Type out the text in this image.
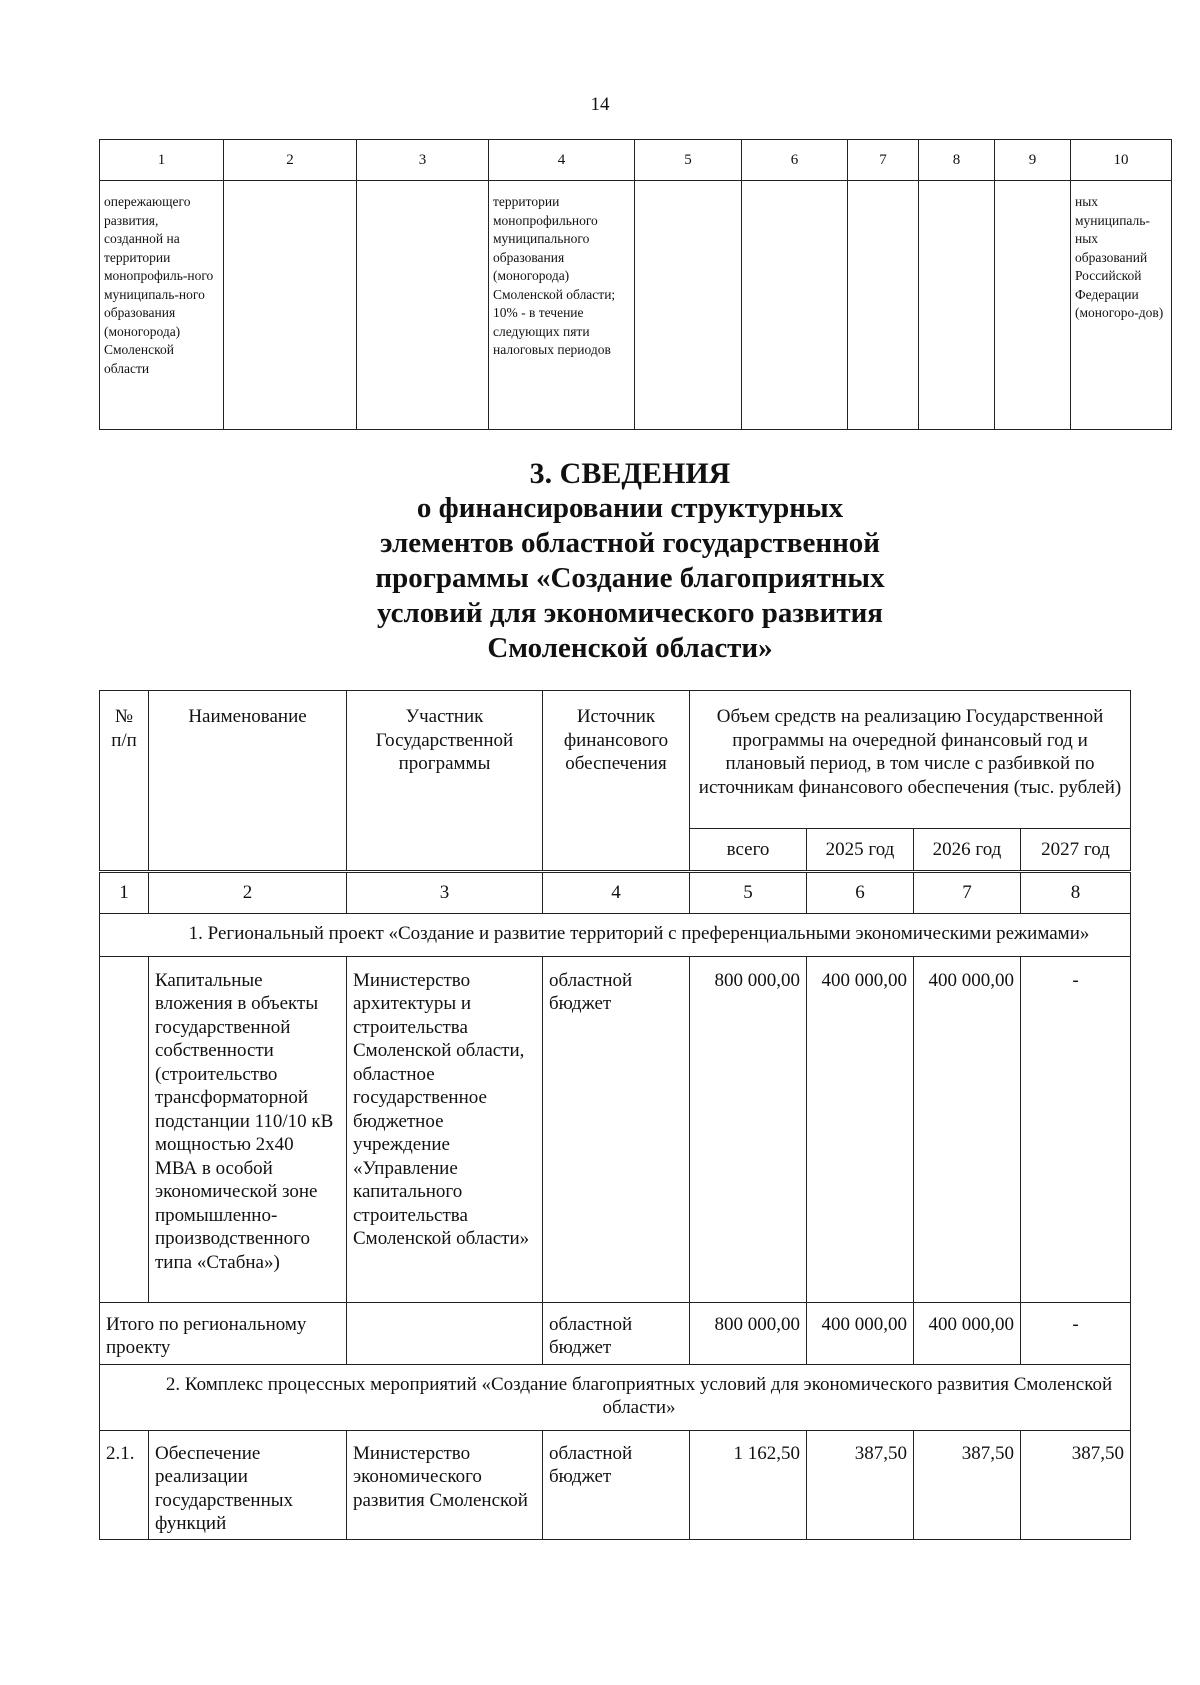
14
1	2	3	4	5	6	7	8	9	10
опережающего развития, созданной на территории монопрофиль-ного муниципаль-ного образования (моногорода) Смоленской области			территории монопрофильного муниципального образования (моногорода) Смоленской области; 10% - в течение следующих пяти налоговых периодов						ных муниципаль-ных образований Российской Федерации (моногоро-дов)
3. СВЕДЕНИЯ
о финансировании структурных
элементов областной государственной
программы «Создание благоприятных
условий для экономического развития
Смоленской области»
№ п/п	Наименование	Участник Государственной программы	Источник финансового обеспечения	Объем средств на реализацию Государственной программы на очередной финансовый год и плановый период, в том числе с разбивкой по источникам финансового обеспечения (тыс. рублей)			
				всего	2025 год	2026 год	2027 год
1	2	3	4	5	6	7	8
1. Региональный проект «Создание и развитие территорий с преференциальными экономическими режимами»							
	Капитальные вложения в объекты государственной собственности (строительство трансформаторной подстанции 110/10 кВ мощностью 2х40 МВА в особой экономической зоне промышленно-производственного типа «Стабна»)	Министерство архитектуры и строительства Смоленской области, областное государственное бюджетное учреждение «Управление капитального строительства Смоленской области»	областной бюджет	800 000,00	400 000,00	400 000,00	-
Итого по региональному проекту			областной бюджет	800 000,00	400 000,00	400 000,00	-
2. Комплекс процессных мероприятий «Создание благоприятных условий для экономического развития Смоленской области»							
2.1.	Обеспечение реализации государственных функций	Министерство экономического развития Смоленской	областной бюджет	1 162,50	387,50	387,50	387,50
